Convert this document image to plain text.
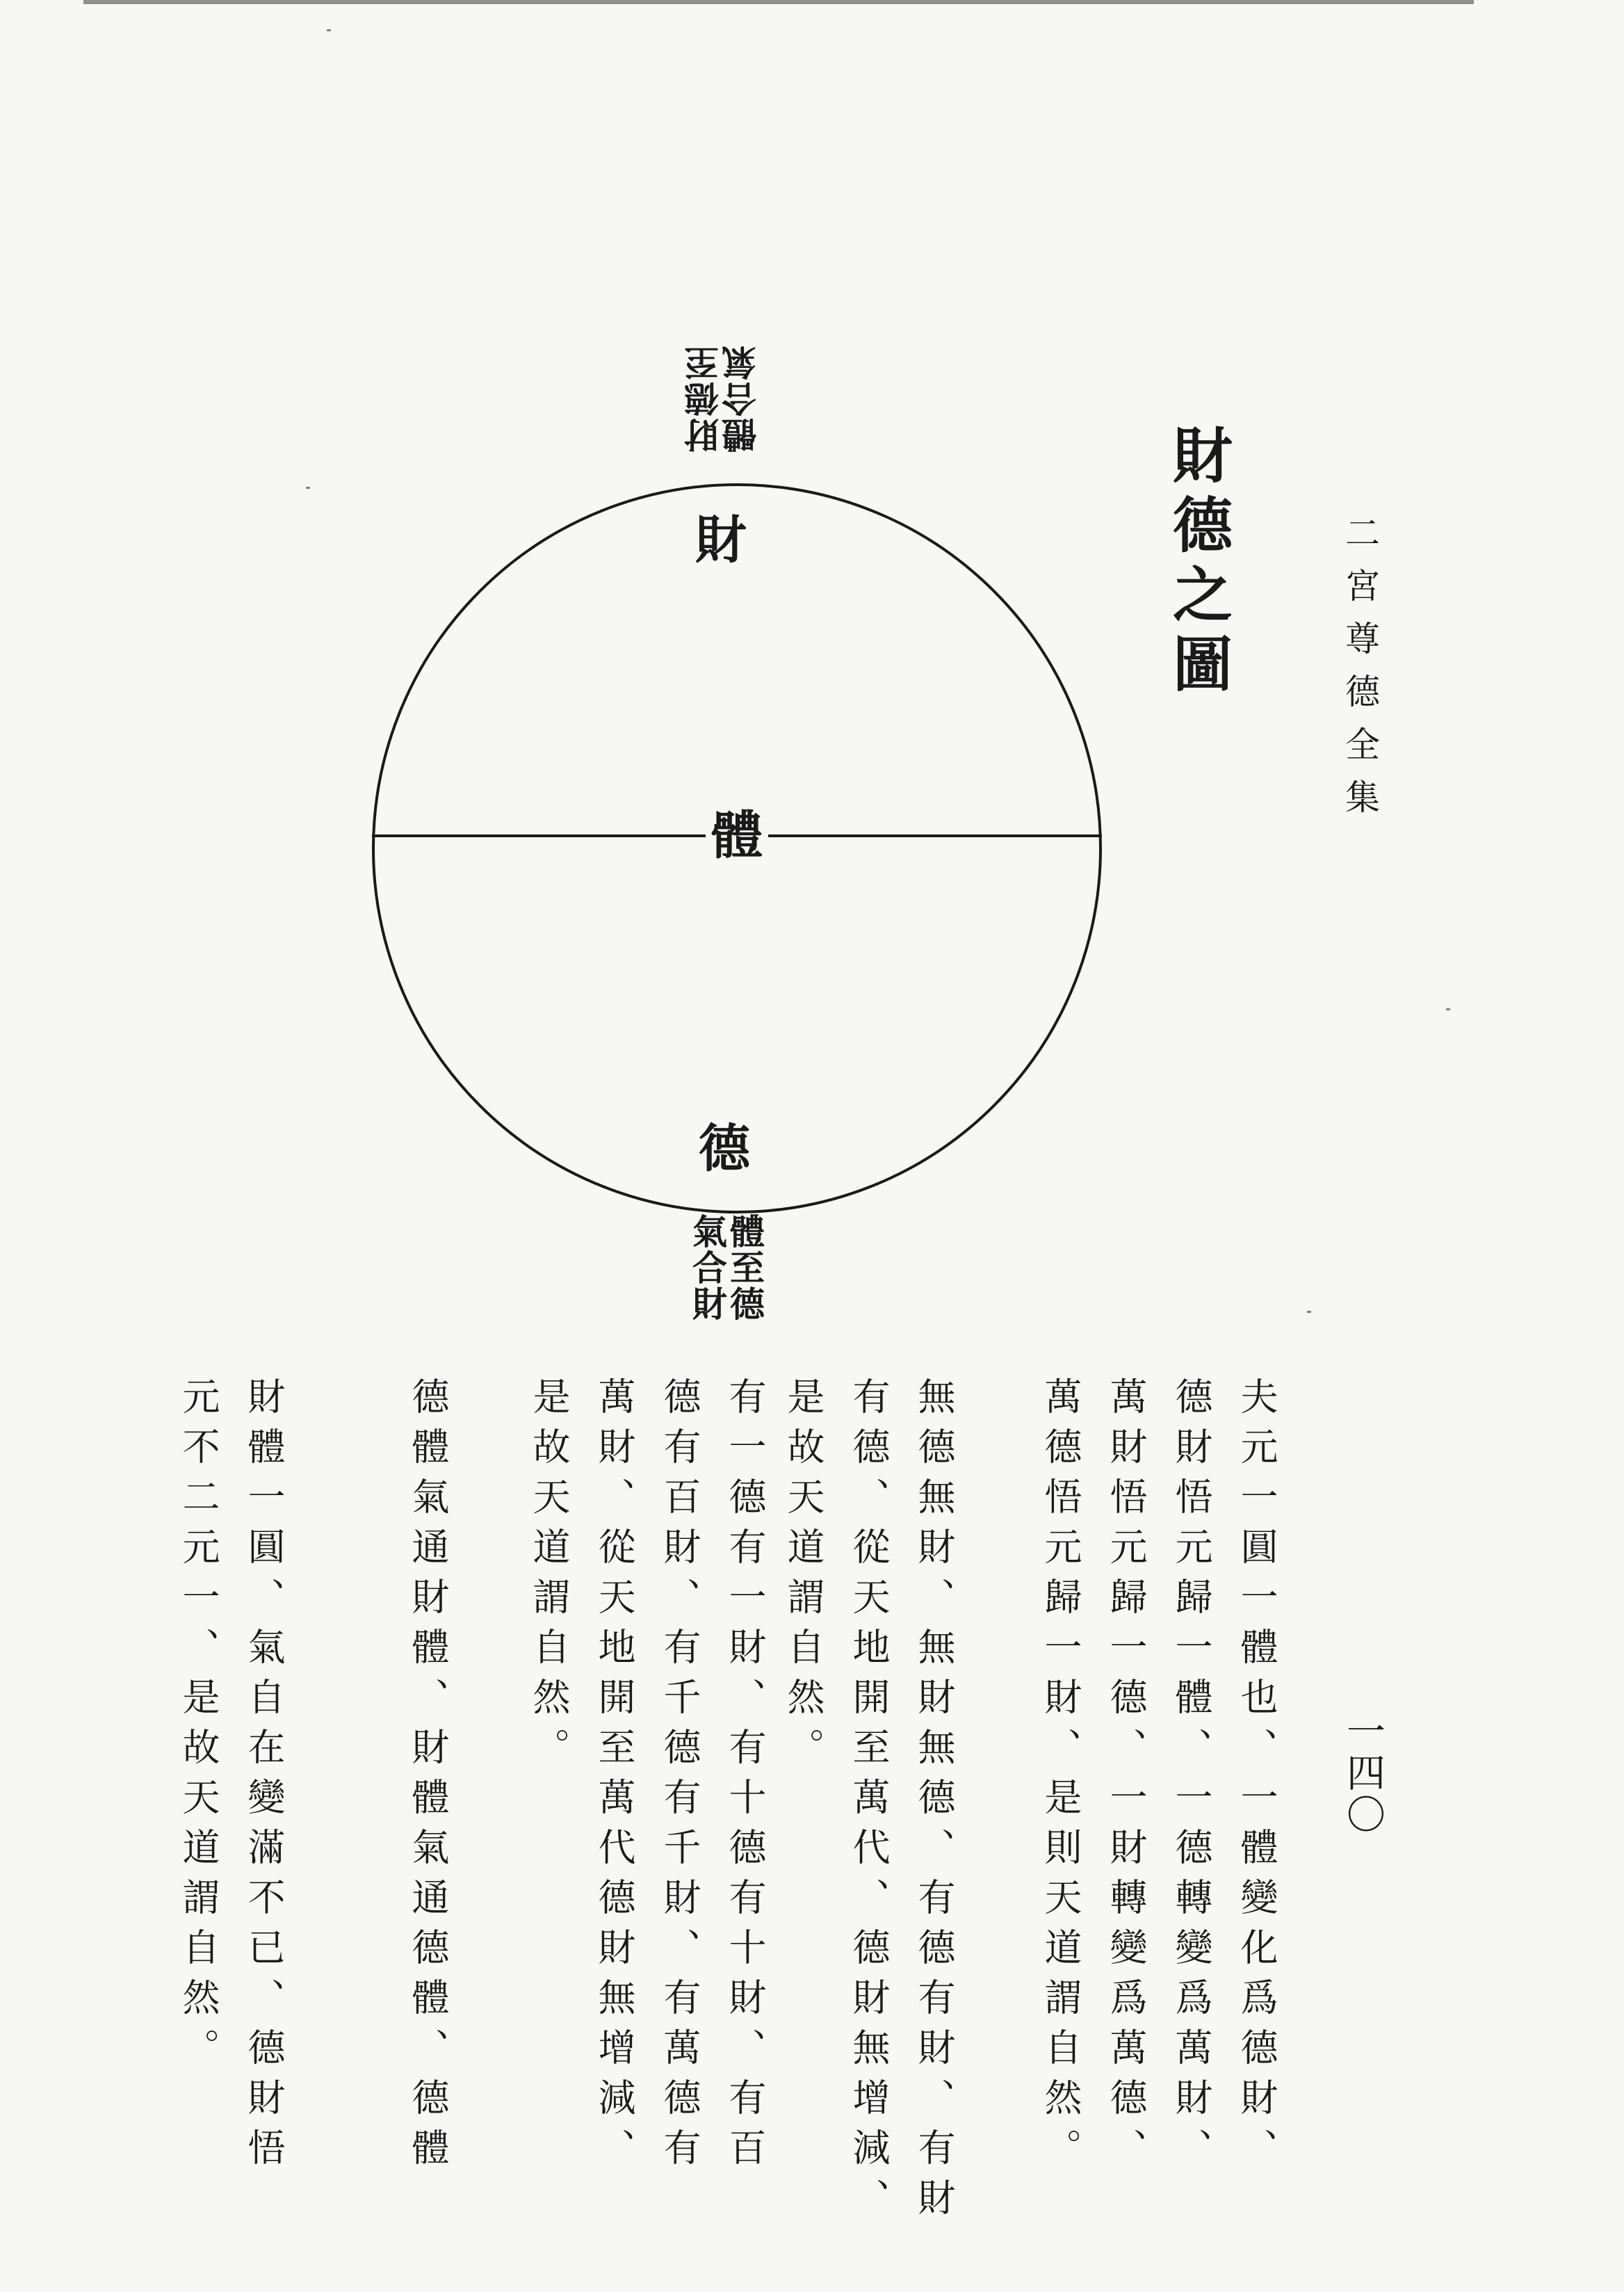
二宮尊德全集
一四〇
財德之圖
財德至
體合氣
財
體
德
體至德
氣合財
夫元一圓一體也、一體變化爲德財、
德財悟元歸一體、一德轉變爲萬財、
萬財悟元歸一德、一財轉變爲萬德、
萬德悟元歸一財、是則天道謂自然。
無德無財、無財無德、有德有財、有財
有德、從天地開至萬代、德財無增減、
是故天道謂自然。
有一德有一財、有十德有十財、有百
德有百財、有千德有千財、有萬德有
萬財、從天地開至萬代德財無增減、
是故天道謂自然。
德體氣通財體、財體氣通德體、德體
財體一圓、氣自在變滿不已、德財悟
元不二元一、是故天道謂自然。
